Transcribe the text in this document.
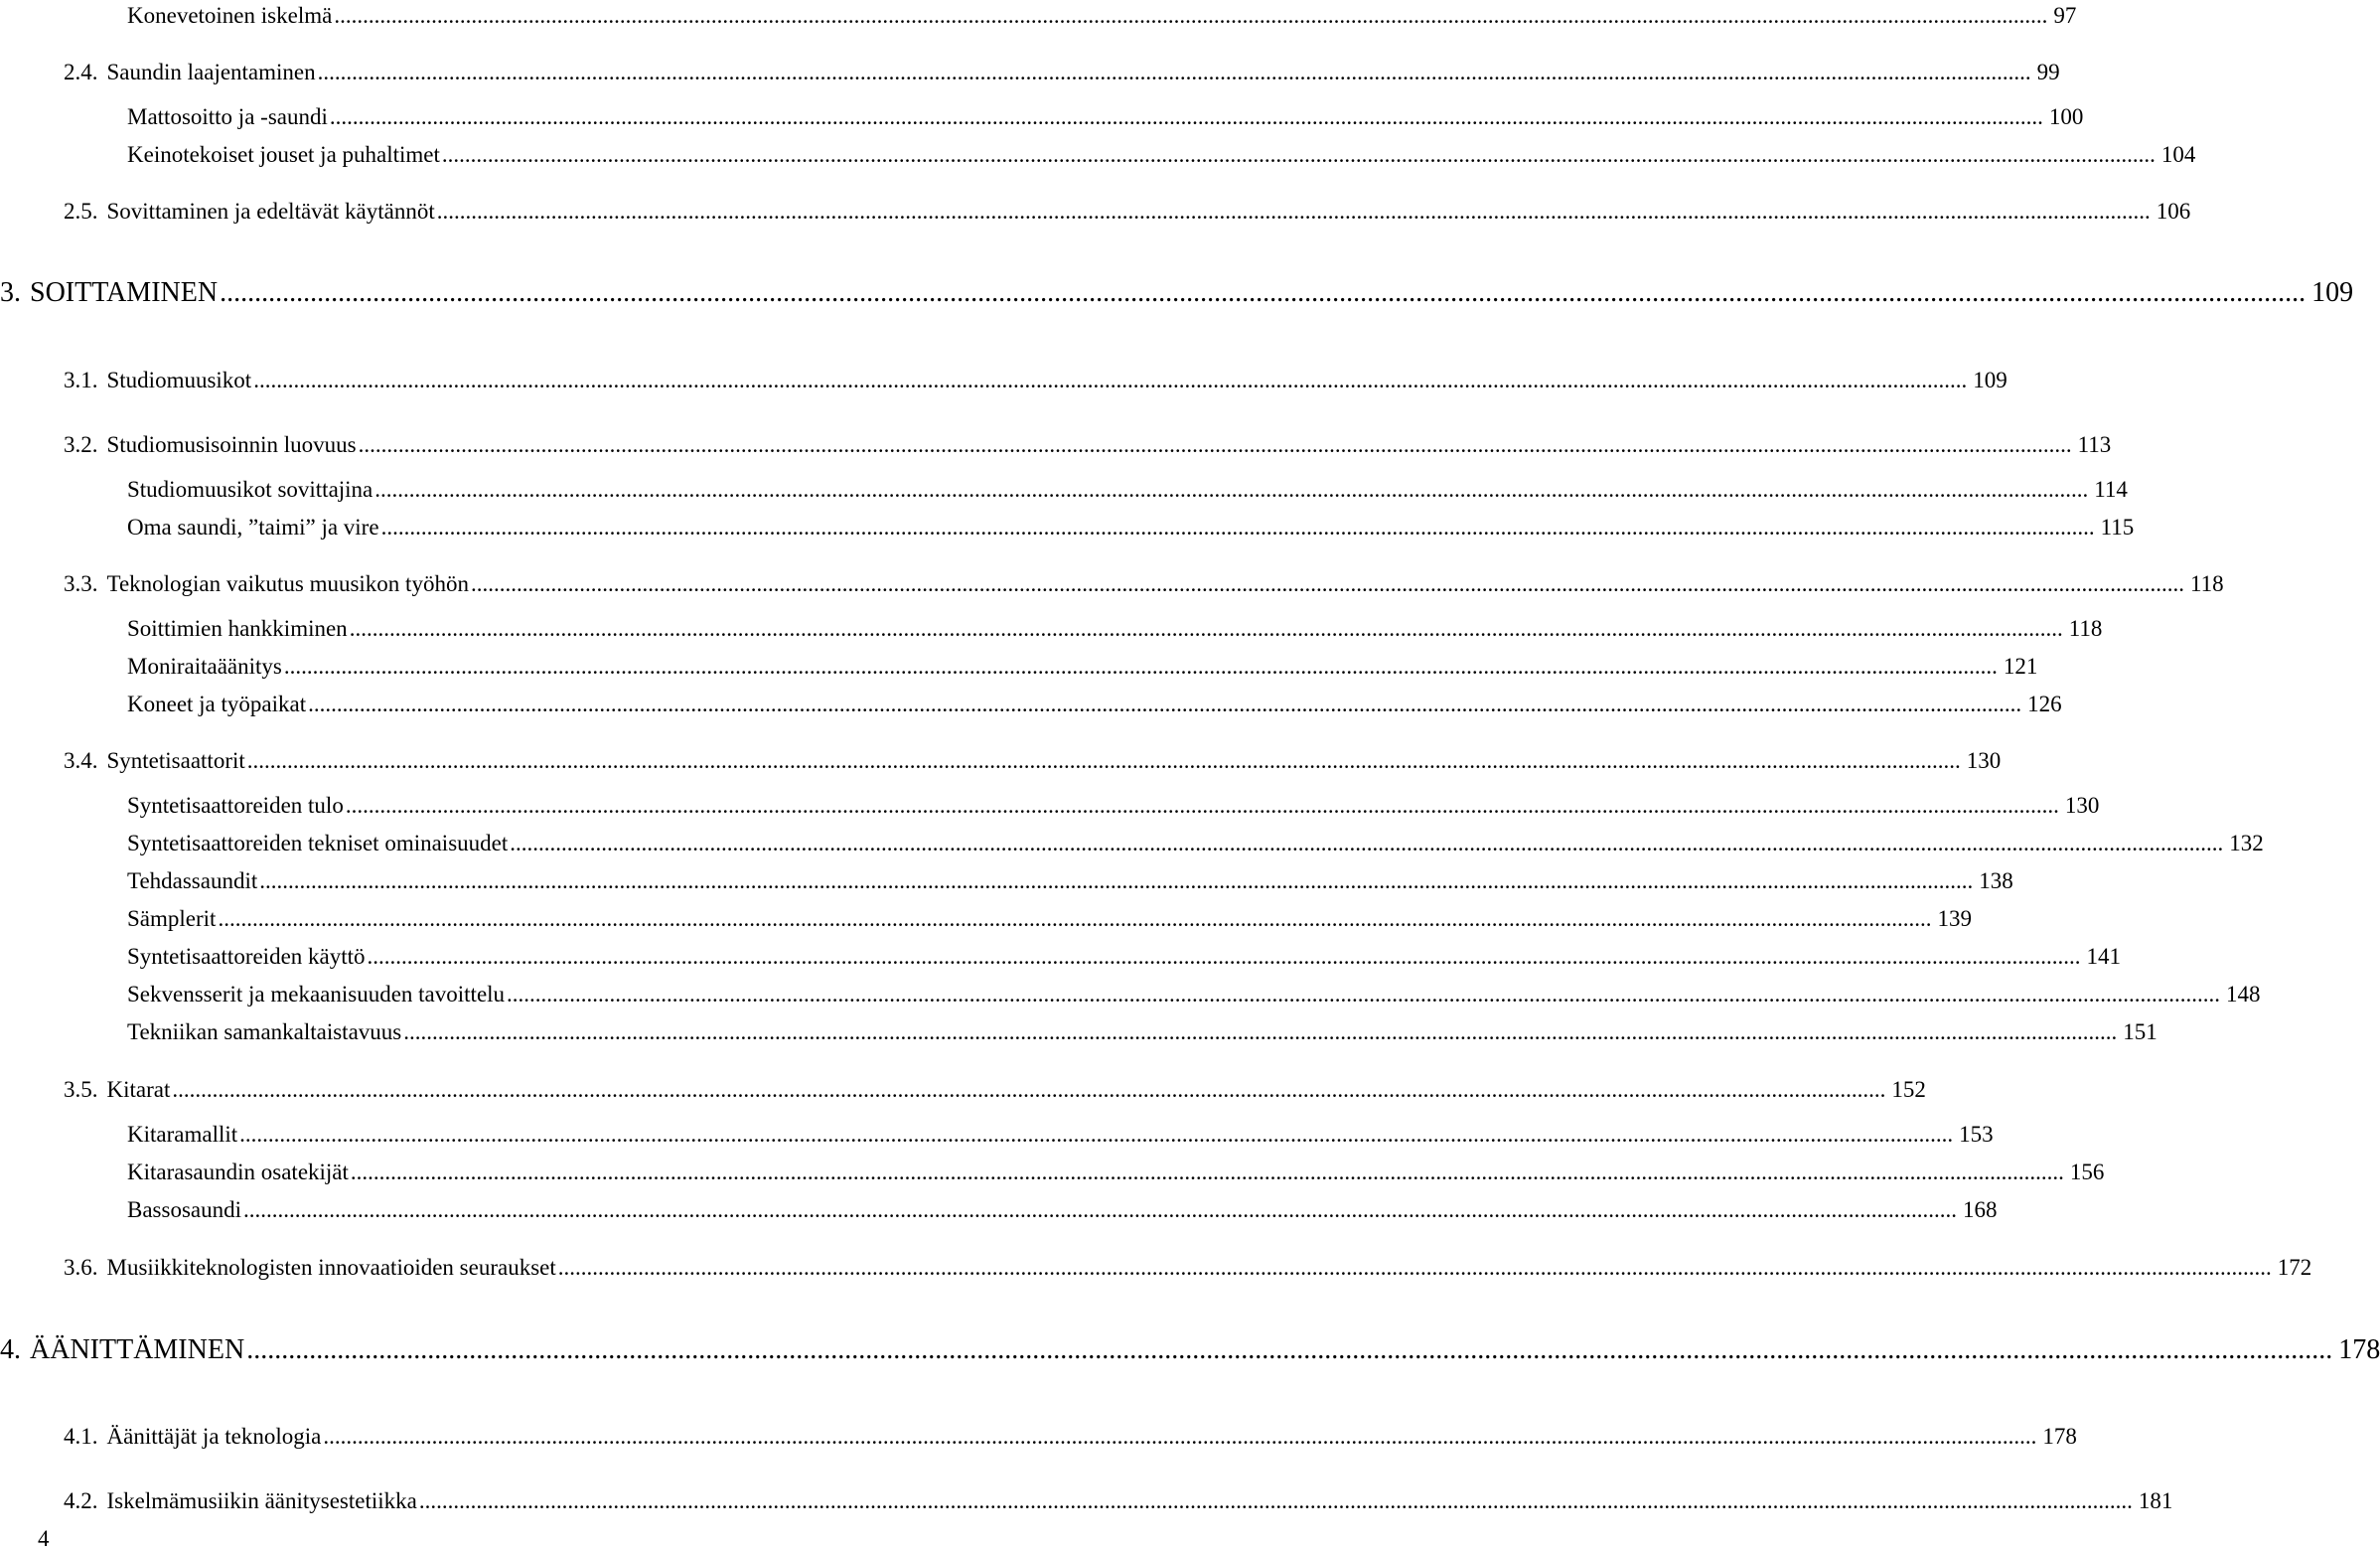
Konevetoinen iskelmä ............................................................................................................................................................................................................................................................................................................ 97
2.4. Saundin laajentaminen ............................................................................................................................................................................................................................................................................................................ 99
Mattosoitto ja -saundi ............................................................................................................................................................................................................................................................................................................ 100
Keinotekoiset jouset ja puhaltimet ............................................................................................................................................................................................................................................................................................................ 104
2.5. Sovittaminen ja edeltävät käytännöt ............................................................................................................................................................................................................................................................................................................ 106
3. SOITTAMINEN ............................................................................................................................................................................................................................................................................................................ 109
3.1. Studiomuusikot ............................................................................................................................................................................................................................................................................................................ 109
3.2. Studiomusisoinnin luovuus ............................................................................................................................................................................................................................................................................................................ 113
Studiomuusikot sovittajina ............................................................................................................................................................................................................................................................................................................ 114
Oma saundi, ”taimi” ja vire ............................................................................................................................................................................................................................................................................................................ 115
3.3. Teknologian vaikutus muusikon työhön ............................................................................................................................................................................................................................................................................................................ 118
Soittimien hankkiminen ............................................................................................................................................................................................................................................................................................................ 118
Moniraitaäänitys ............................................................................................................................................................................................................................................................................................................ 121
Koneet ja työpaikat ............................................................................................................................................................................................................................................................................................................ 126
3.4. Syntetisaattorit ............................................................................................................................................................................................................................................................................................................ 130
Syntetisaattoreiden tulo ............................................................................................................................................................................................................................................................................................................ 130
Syntetisaattoreiden tekniset ominaisuudet ............................................................................................................................................................................................................................................................................................................ 132
Tehdassaundit ............................................................................................................................................................................................................................................................................................................ 138
Sämplerit ............................................................................................................................................................................................................................................................................................................ 139
Syntetisaattoreiden käyttö ............................................................................................................................................................................................................................................................................................................ 141
Sekvensserit ja mekaanisuuden tavoittelu ............................................................................................................................................................................................................................................................................................................ 148
Tekniikan samankaltaistavuus ............................................................................................................................................................................................................................................................................................................ 151
3.5. Kitarat ............................................................................................................................................................................................................................................................................................................ 152
Kitaramallit ............................................................................................................................................................................................................................................................................................................ 153
Kitarasaundin osatekijät ............................................................................................................................................................................................................................................................................................................ 156
Bassosaundi ............................................................................................................................................................................................................................................................................................................ 168
3.6. Musiikkiteknologisten innovaatioiden seuraukset ............................................................................................................................................................................................................................................................................................................ 172
4. ÄÄNITTÄMINEN ............................................................................................................................................................................................................................................................................................................ 178
4.1. Äänittäjät ja teknologia ............................................................................................................................................................................................................................................................................................................ 178
4.2. Iskelmämusiikin äänitysestetiikka ............................................................................................................................................................................................................................................................................................................ 181
4
